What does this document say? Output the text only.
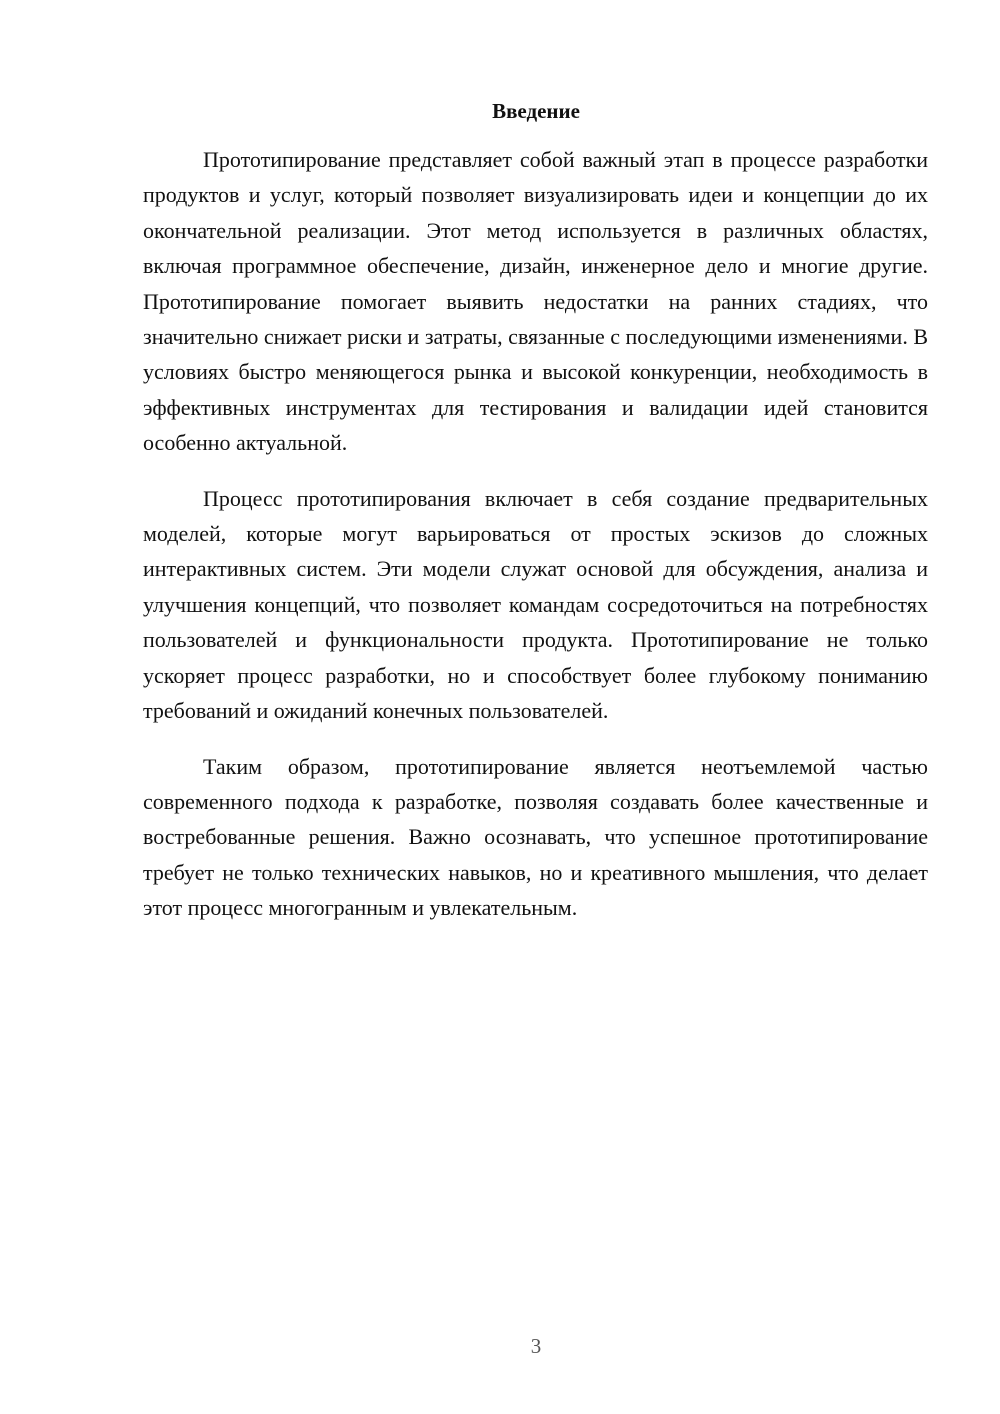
Введение

Прототипирование представляет собой важный этап в процессе разработки продуктов и услуг, который позволяет визуализировать идеи и концепции до их окончательной реализации. Этот метод используется в различных областях, включая программное обеспечение, дизайн, инженерное дело и многие другие. Прототипирование помогает выявить недостатки на ранних стадиях, что значительно снижает риски и затраты, связанные с последующими изменениями. В условиях быстро меняющегося рынка и высокой конкуренции, необходимость в эффективных инструментах для тестирования и валидации идей становится особенно актуальной.

Процесс прототипирования включает в себя создание предварительных моделей, которые могут варьироваться от простых эскизов до сложных интерактивных систем. Эти модели служат основой для обсуждения, анализа и улучшения концепций, что позволяет командам сосредоточиться на потребностях пользователей и функциональности продукта. Прототипирование не только ускоряет процесс разработки, но и способствует более глубокому пониманию требований и ожиданий конечных пользователей.

Таким образом, прототипирование является неотъемлемой частью современного подхода к разработке, позволяя создавать более качественные и востребованные решения. Важно осознавать, что успешное прототипирование требует не только технических навыков, но и креативного мышления, что делает этот процесс многогранным и увлекательным.

3
